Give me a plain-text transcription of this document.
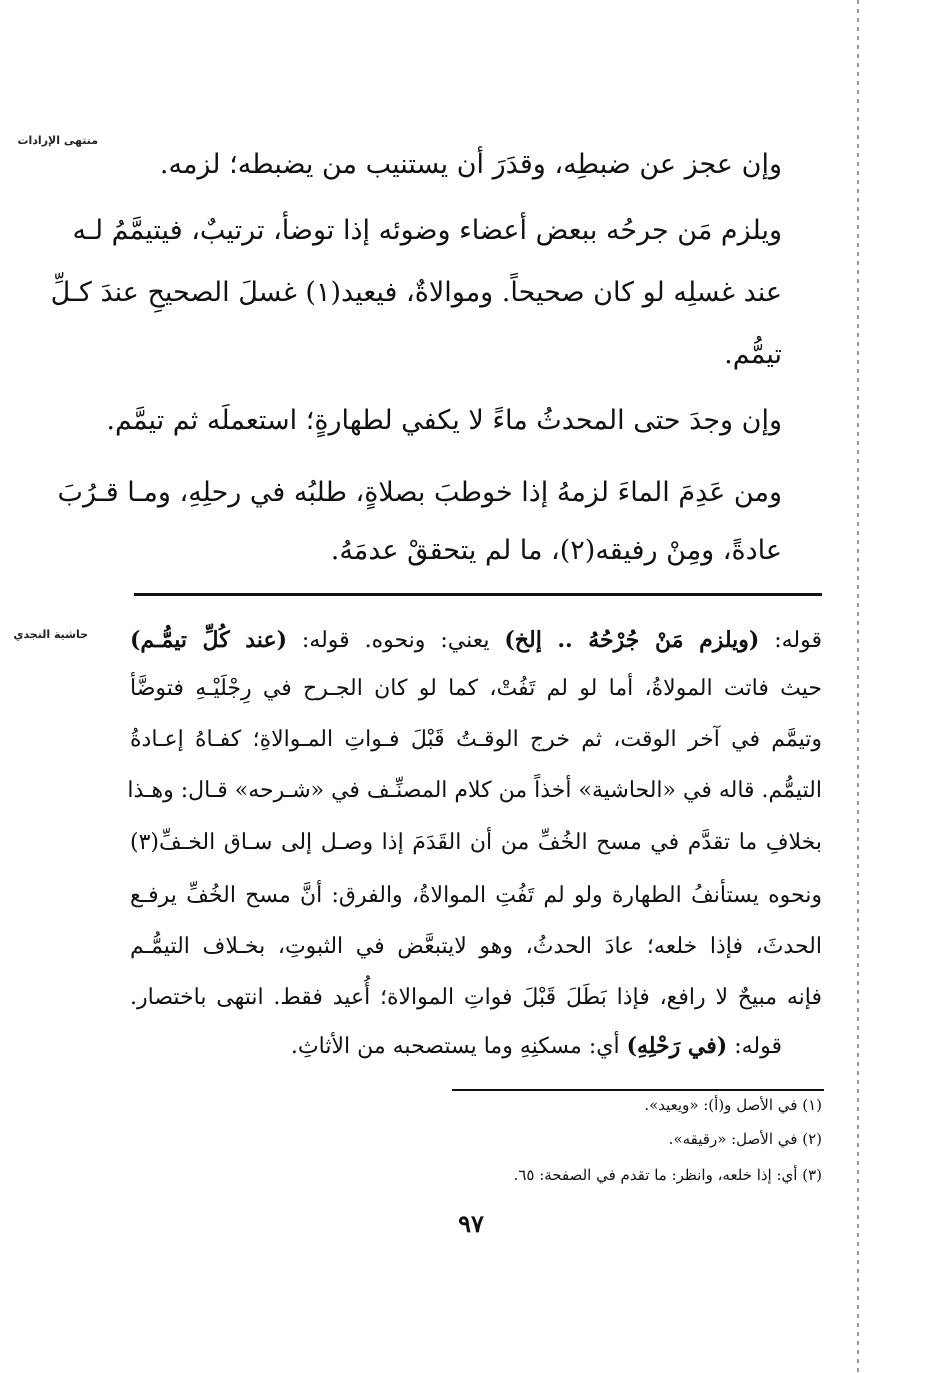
منتهى الإرادات
حاشية النجدي
وإن عجز عن ضبطِه، وقدَرَ أن يستنيب من يضبطه؛ لزمه.
ويلزم مَن جرحُه ببعض أعضاء وضوئه إذا توضأ، ترتيبٌ، فيتيمَّمُ لـه
عند غسلِه لو كان صحيحاً. وموالاةٌ، فيعيد(١) غسلَ الصحيحِ عندَ كـلِّ
تيمُّم.
وإن وجدَ حتى المحدثُ ماءً لا يكفي لطهارةٍ؛ استعملَه ثم تيمَّم.
ومن عَدِمَ الماءَ لزمهُ إذا خوطبَ بصلاةٍ، طلبُه في رحلِهِ، ومـا قـرُبَ
عادةً، ومِنْ رفيقه(٢)، ما لم يتحققْ عدمَهُ.
قوله: (ويلزم مَنْ جُرْحُهُ .. إلخ) يعني: ونحوه. قوله: (عند كُلِّ تيمُّـم)
حيث فاتت المولاةُ، أما لو لم تَفُتْ، كما لو كان الجـرح في رِجْلَيْـهِ فتوضَّأ
وتيمَّم في آخر الوقت، ثم خرج الوقـتُ قَبْلَ فـواتِ المـوالاةِ؛ كفـاهُ إعـادةُ
التيمُّم. قاله في «الحاشية» أخذاً من كلام المصنِّـف في «شـرحه» قـال: وهـذا
بخلافِ ما تقدَّم في مسح الخُفِّ من أن القَدَمَ إذا وصـل إلى سـاق الخـفِّ(٣)
ونحوه يستأنفُ الطهارة ولو لم تَفُتِ الموالاةُ، والفرق: أنَّ مسح الخُفِّ يرفـع
الحدثَ، فإذا خلعه؛ عادَ الحدثُ، وهو لايتبعَّض في الثبوتِ، بخـلاف التيمُّـم
فإنه مبيحٌ لا رافع، فإذا بَطَلَ قَبْلَ فواتِ الموالاة؛ أُعيد فقط. انتهى باختصار.
قوله: (في رَحْلِهِ) أي: مسكنِهِ وما يستصحبه من الأثاثِ.
(١) في الأصل و(أ): «ويعيد».
(٢) في الأصل: «رقيقه».
(٣) أي: إذا خلعه، وانظر: ما تقدم في الصفحة: ٦٥.
٩٧
